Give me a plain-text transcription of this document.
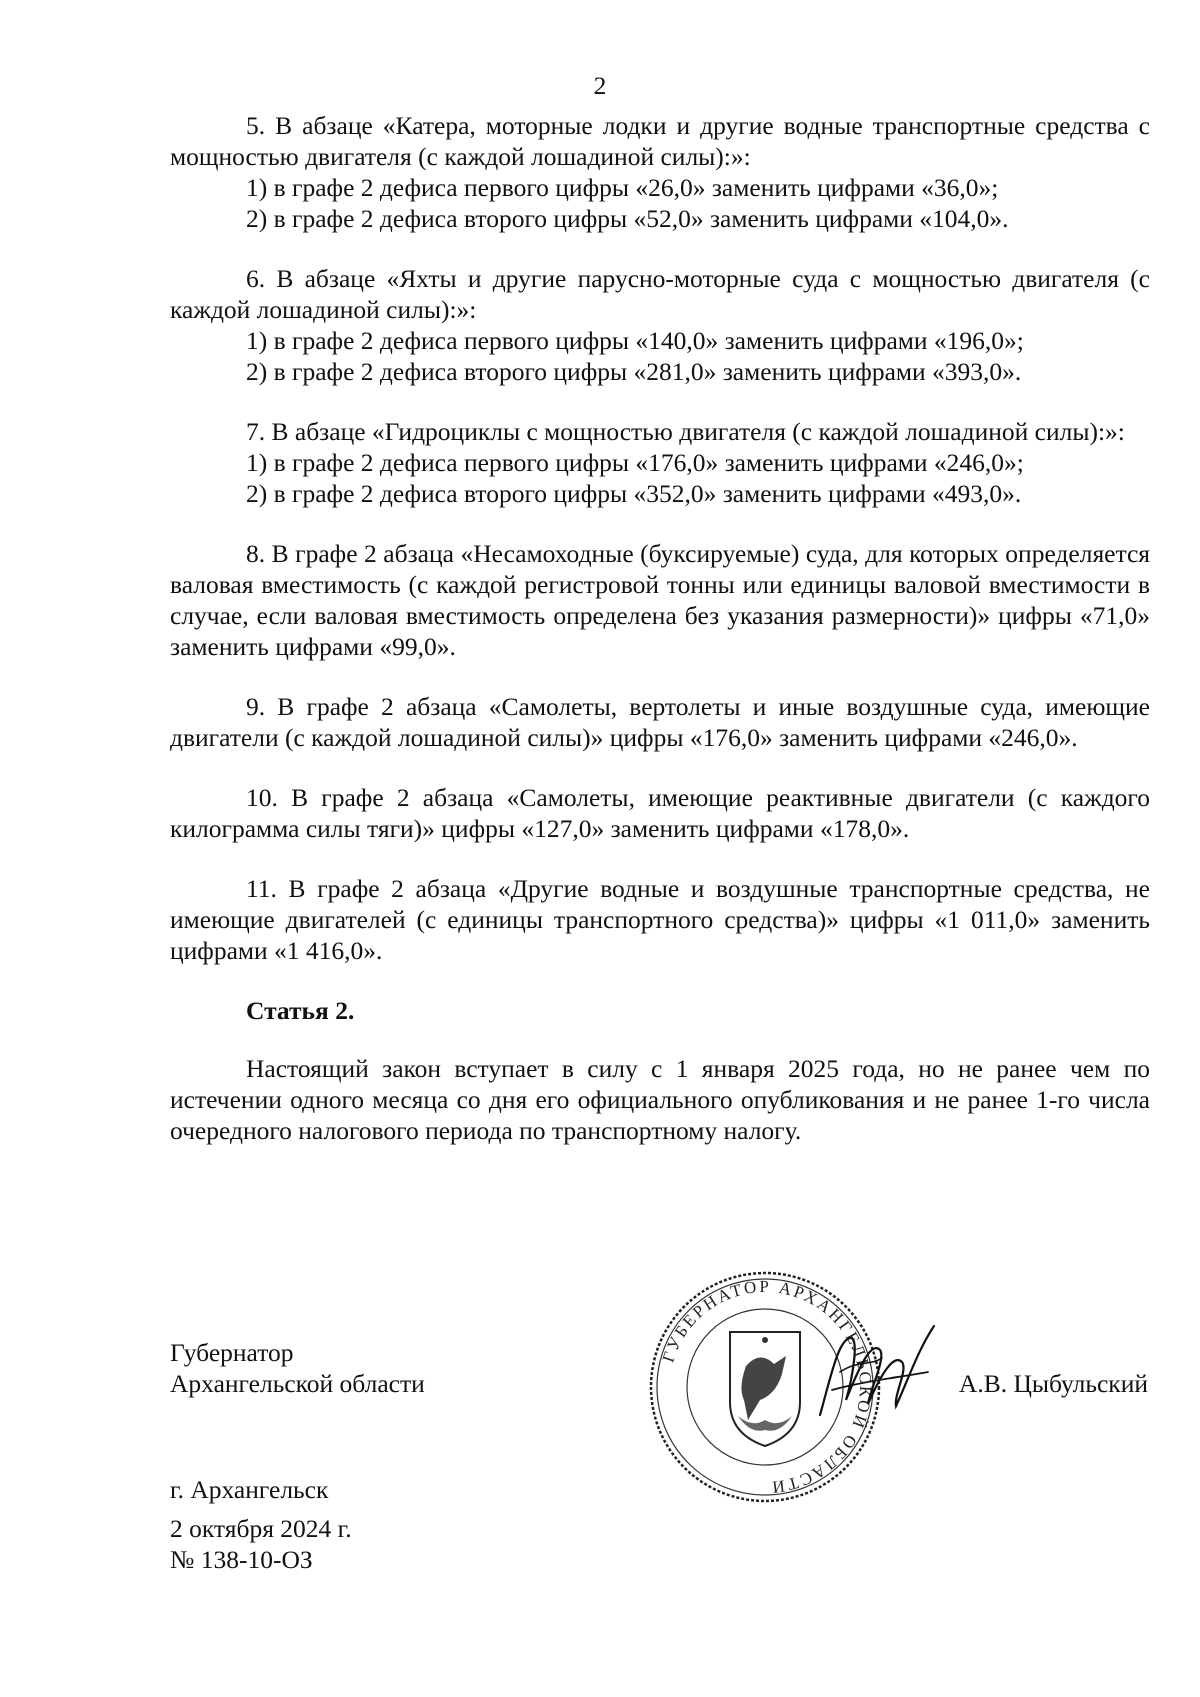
2

5. В абзаце «Катера, моторные лодки и другие водные транспортные средства с мощностью двигателя (с каждой лошадиной силы):»:

1) в графе 2 дефиса первого цифры «26,0» заменить цифрами «36,0»;

2) в графе 2 дефиса второго цифры «52,0» заменить цифрами «104,0».

6. В абзаце «Яхты и другие парусно-моторные суда с мощностью двигателя (с каждой лошадиной силы):»:

1) в графе 2 дефиса первого цифры «140,0» заменить цифрами «196,0»;

2) в графе 2 дефиса второго цифры «281,0» заменить цифрами «393,0».

7. В абзаце «Гидроциклы с мощностью двигателя (с каждой лошадиной силы):»:

1) в графе 2 дефиса первого цифры «176,0» заменить цифрами «246,0»;

2) в графе 2 дефиса второго цифры «352,0» заменить цифрами «493,0».

8. В графе 2 абзаца «Несамоходные (буксируемые) суда, для которых определяется валовая вместимость (с каждой регистровой тонны или единицы валовой вместимости в случае, если валовая вместимость определена без указания размерности)» цифры «71,0» заменить цифрами «99,0».

9. В графе 2 абзаца «Самолеты, вертолеты и иные воздушные суда, имеющие двигатели (с каждой лошадиной силы)» цифры «176,0» заменить цифрами «246,0».

10. В графе 2 абзаца «Самолеты, имеющие реактивные двигатели (с каждого килограмма силы тяги)» цифры «127,0» заменить цифрами «178,0».

11. В графе 2 абзаца «Другие водные и воздушные транспортные средства, не имеющие двигателей (с единицы транспортного средства)» цифры «1 011,0» заменить цифрами «1 416,0».

Статья 2.

Настоящий закон вступает в силу с 1 января 2025 года, но не ранее чем по истечении одного месяца со дня его официального опубликования и не ранее 1-го числа очередного налогового периода по транспортному налогу.

Губернатор
Архангельской области
ГУБЕРНАТОР АРХАНГЕЛЬСКОЙ ОБЛАСТИ
А.В. Цыбульский
г. Архангельск
2 октября 2024 г.
№ 138-10-ОЗ
